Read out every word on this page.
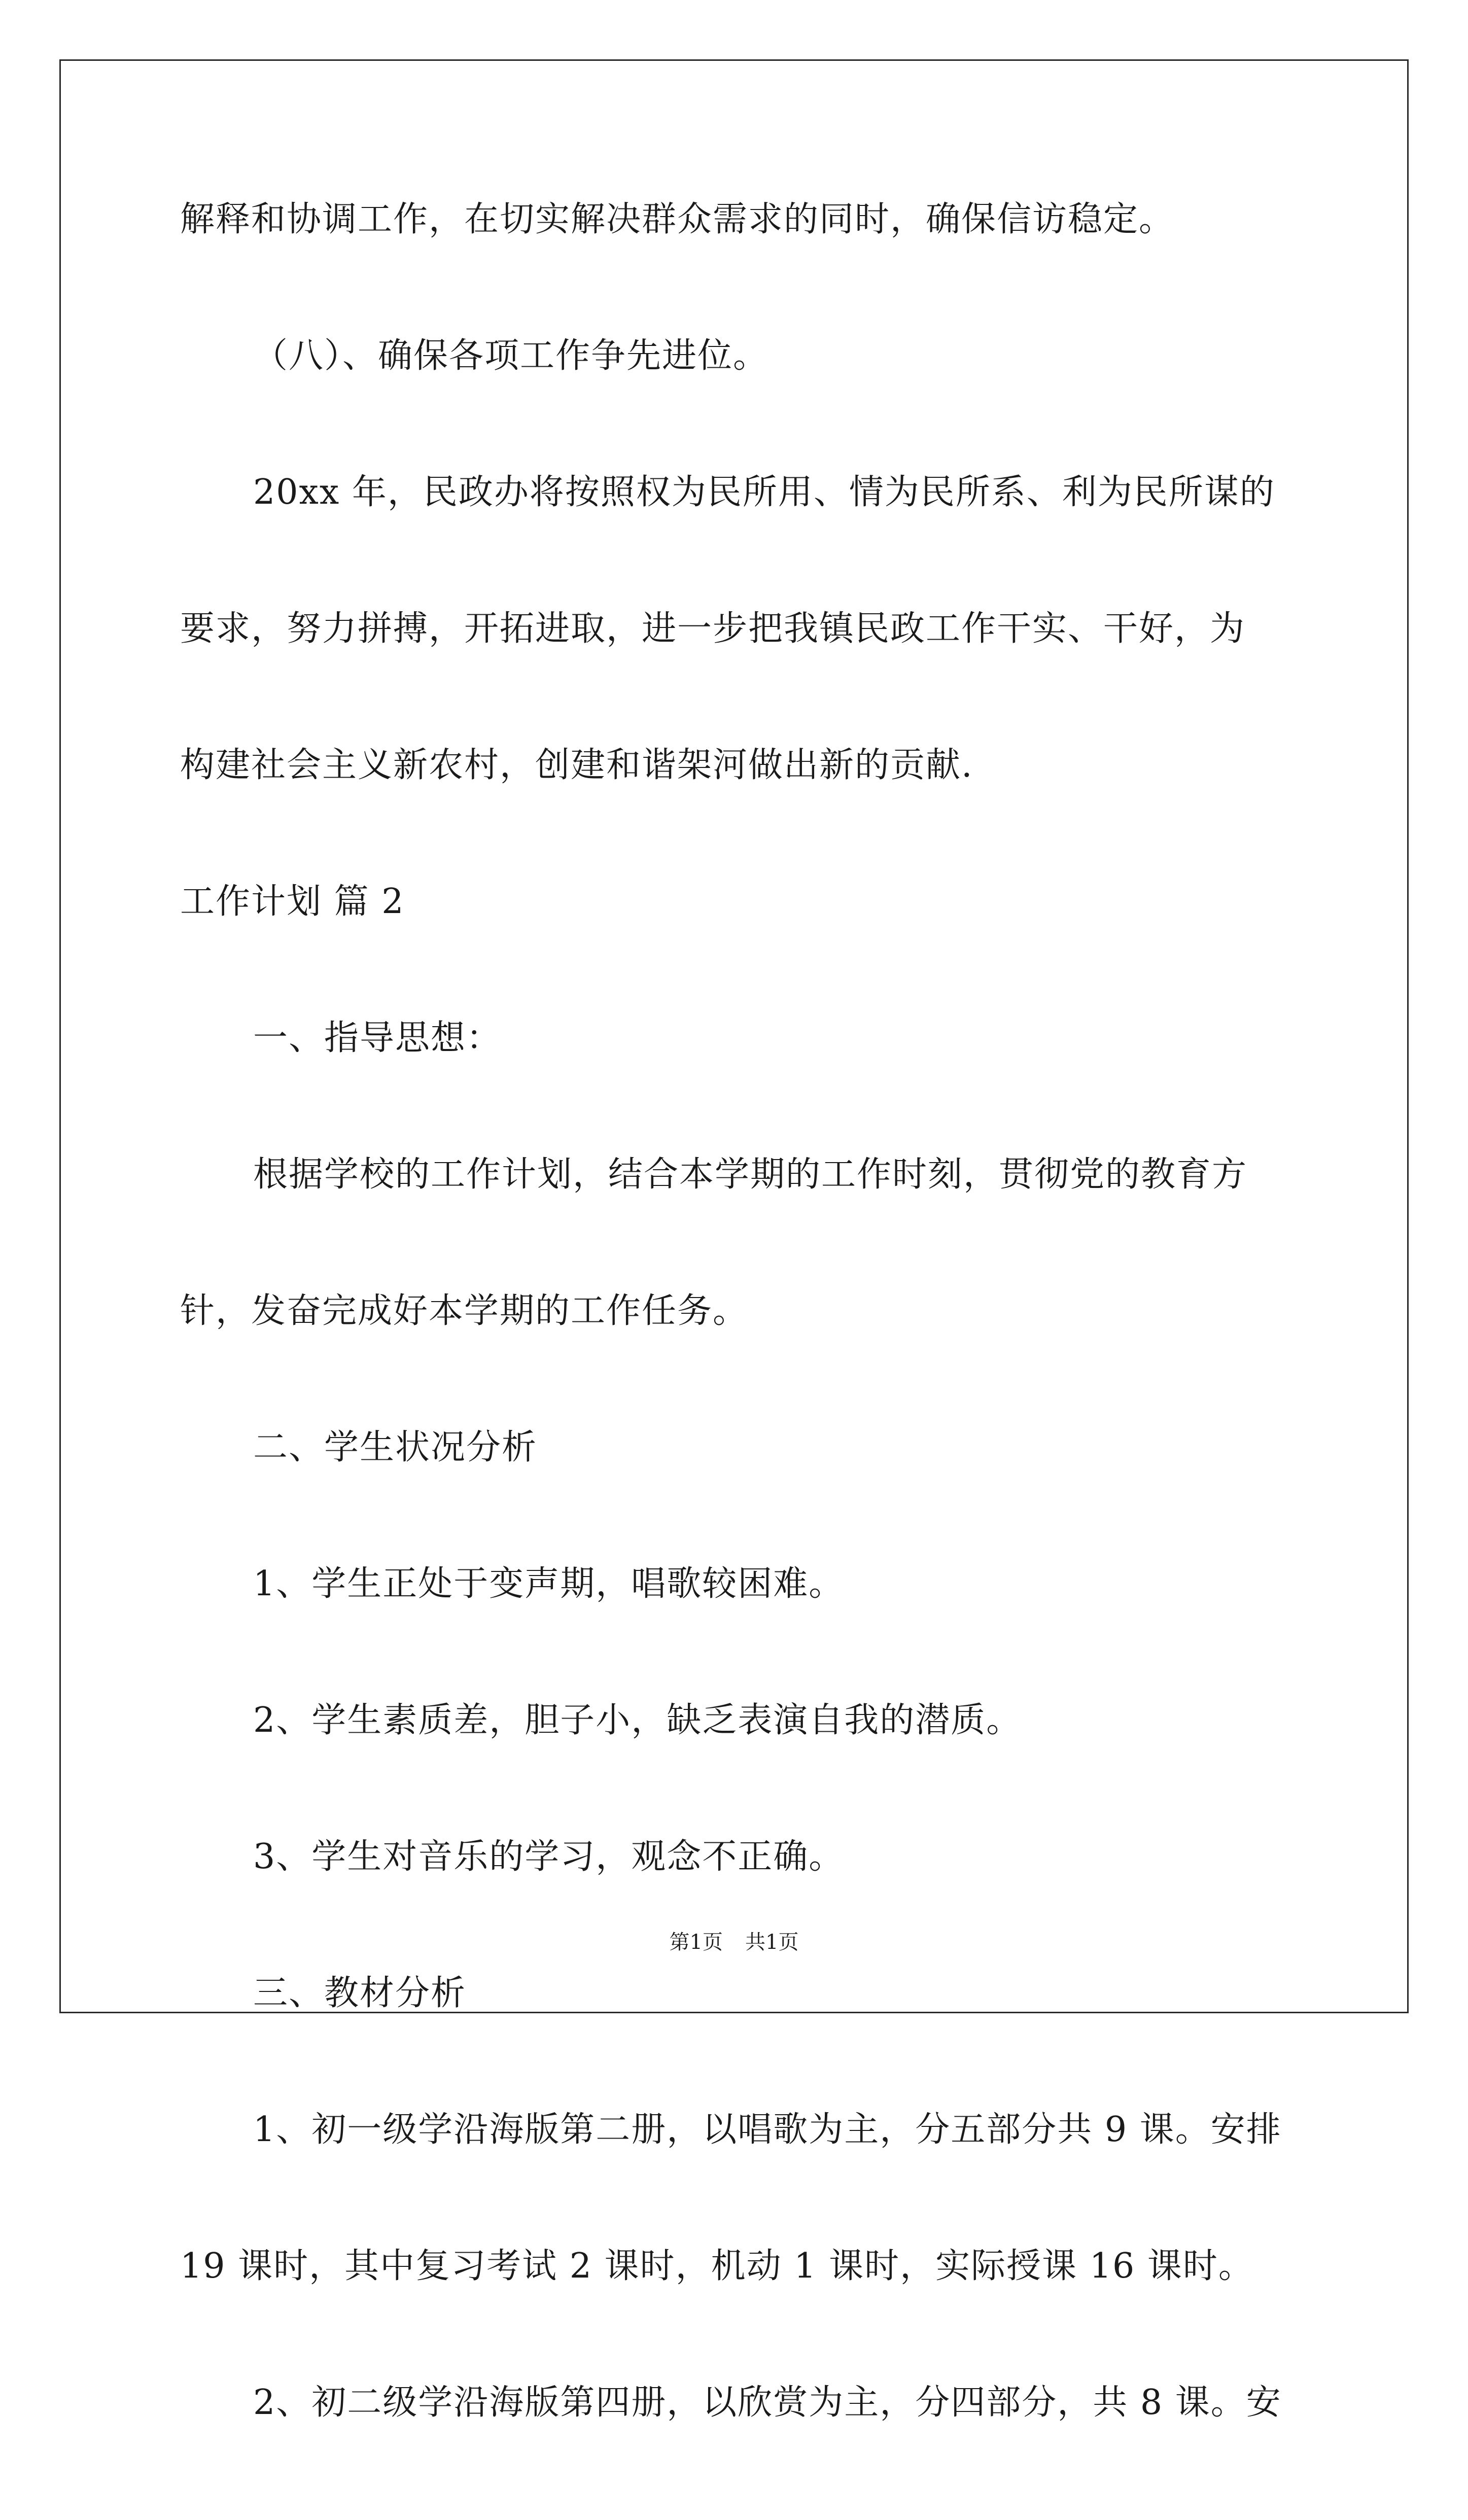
解释和协调工作，在切实解决群众需求的同时，确保信访稳定。
（八）、确保各项工作争先进位。
20xx 年，民政办将按照权为民所用、情为民所系、利为民所谋的
要求，努力拼搏，开拓进取，进一步把我镇民政工作干实、干好，为
构建社会主义新农村，创建和谐架河做出新的贡献.
工作计划 篇 2
一、指导思想：
根据学校的工作计划，结合本学期的工作时刻，贯彻党的教育方
针，发奋完成好本学期的工作任务。
二、学生状况分析
1、学生正处于变声期，唱歌较困难。
2、学生素质差，胆子小，缺乏表演自我的潜质。
3、学生对音乐的学习，观念不正确。
三、教材分析
1、初一级学沿海版第二册，以唱歌为主，分五部分共 9 课。安排
19 课时，其中复习考试 2 课时，机动 1 课时，实际授课 16 课时。
2、初二级学沿海版第四册，以欣赏为主，分四部分，共 8 课。安
第1页 共1页
